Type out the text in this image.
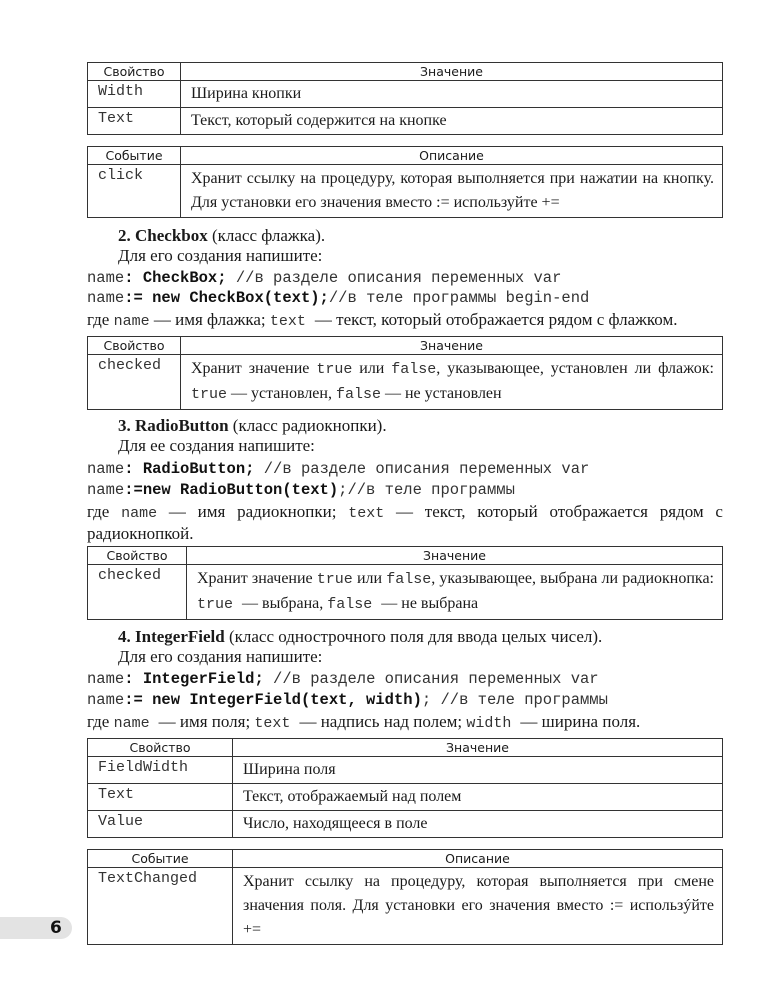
Свойство	Значение
Width	Ширина кнопки
Text	Текст, который содержится на кнопке
Событие	Описание
click	Хранит ссылку на процедуру, которая выполняется при нажатии на кнопку. Для установки его значения вместо := используйте +=
2. Checkbox (класс флажка).
Для его создания напишите:
name: CheckBox; //в разделе описания переменных var
name:= new CheckBox(text);//в теле программы begin-end
где name — имя флажка; text — текст, который отображается рядом с флажком.
Свойство	Значение
checked	Хранит значение true или false, указывающее, установлен ли флажок: true — установлен, false — не установлен
3. RadioButton (класс радиокнопки).
Для ее создания напишите:
name: RadioButton; //в разделе описания переменных var
name:=new RadioButton(text);//в теле программы
где name — имя радиокнопки; text — текст, который отображается рядом с радиокнопкой.
Свойство	Значение
checked	Хранит значение true или false, указывающее, выбрана ли радиокнопка: true — выбрана, false — не выбрана
4. IntegerField (класс однострочного поля для ввода целых чисел).
Для его создания напишите:
name: IntegerField; //в разделе описания переменных var
name:= new IntegerField(text, width); //в теле программы
где name — имя поля; text — надпись над полем; width — ширина поля.
Свойство	Значение
FieldWidth	Ширина поля
Text	Текст, отображаемый над полем
Value	Число, находящееся в поле
Событие	Описание
TextChanged	Хранит ссылку на процедуру, которая выполняется при смене значения поля. Для установки его значения вместо := использýйте +=
6
